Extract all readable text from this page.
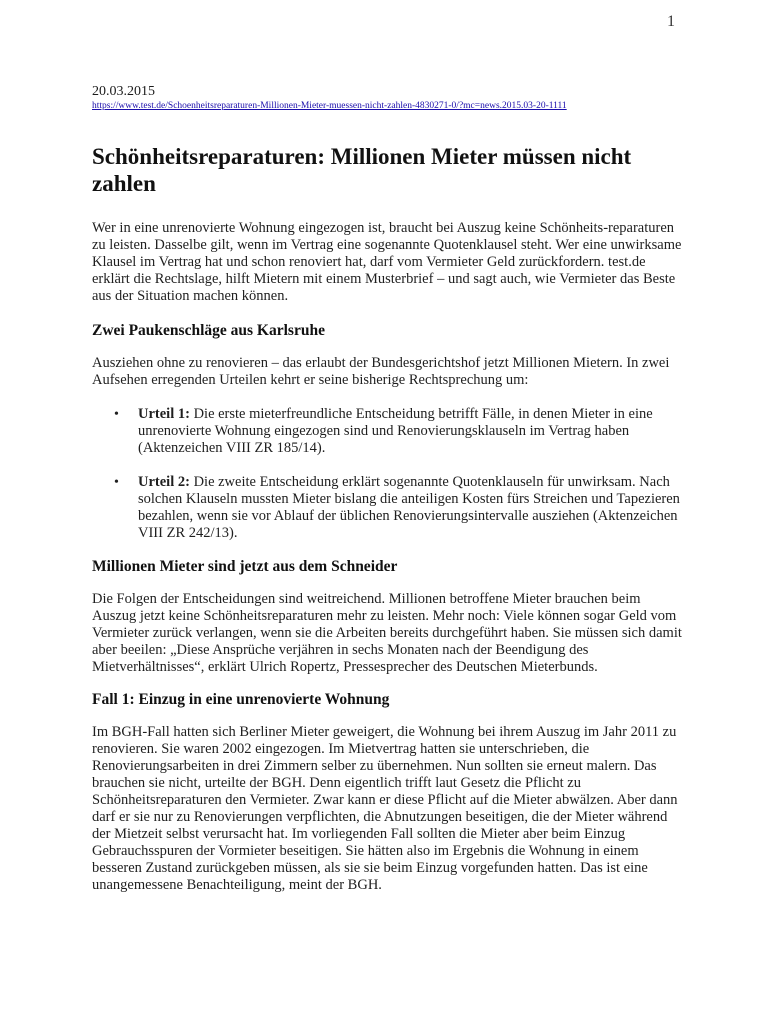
1
20.03.2015
https://www.test.de/Schoenheitsreparaturen-Millionen-Mieter-muessen-nicht-zahlen-4830271-0/?mc=news.2015.03-20-1111
Schönheitsreparaturen: Millionen Mieter müssen nicht zahlen

Wer in eine unrenovierte Wohnung eingezogen ist, braucht bei Auszug keine Schönheits-reparaturen zu leisten. Dasselbe gilt, wenn im Vertrag eine sogenannte Quotenklausel steht. Wer eine unwirksame Klausel im Vertrag hat und schon renoviert hat, darf vom Vermieter Geld zurückfordern. test.de erklärt die Rechtslage, hilft Mietern mit einem Musterbrief – und sagt auch, wie Vermieter das Beste aus der Situation machen können.

Zwei Paukenschläge aus Karlsruhe

Ausziehen ohne zu renovieren – das erlaubt der Bundesgerichtshof jetzt Millionen Mietern. In zwei Aufsehen erregenden Urteilen kehrt er seine bisherige Rechtsprechung um:

• Urteil 1: Die erste mieterfreundliche Entscheidung betrifft Fälle, in denen Mieter in eine unrenovierte Wohnung eingezogen sind und Renovierungsklauseln im Vertrag haben (Aktenzeichen VIII ZR 185/14).
• Urteil 2: Die zweite Entscheidung erklärt sogenannte Quotenklauseln für unwirksam. Nach solchen Klauseln mussten Mieter bislang die anteiligen Kosten fürs Streichen und Tapezieren bezahlen, wenn sie vor Ablauf der üblichen Renovierungsintervalle ausziehen (Aktenzeichen VIII ZR 242/13).
Millionen Mieter sind jetzt aus dem Schneider

Die Folgen der Entscheidungen sind weitreichend. Millionen betroffene Mieter brauchen beim Auszug jetzt keine Schönheitsreparaturen mehr zu leisten. Mehr noch: Viele können sogar Geld vom Vermieter zurück verlangen, wenn sie die Arbeiten bereits durchgeführt haben. Sie müssen sich damit aber beeilen: „Diese Ansprüche verjähren in sechs Monaten nach der Beendigung des Mietverhältnisses“, erklärt Ulrich Ropertz, Pressesprecher des Deutschen Mieterbunds.

Fall 1: Einzug in eine unrenovierte Wohnung

Im BGH-Fall hatten sich Berliner Mieter geweigert, die Wohnung bei ihrem Auszug im Jahr 2011 zu renovieren. Sie waren 2002 eingezogen. Im Mietvertrag hatten sie unterschrieben, die Renovierungsarbeiten in drei Zimmern selber zu übernehmen. Nun sollten sie erneut malern. Das brauchen sie nicht, urteilte der BGH. Denn eigentlich trifft laut Gesetz die Pflicht zu Schönheitsreparaturen den Vermieter. Zwar kann er diese Pflicht auf die Mieter abwälzen. Aber dann darf er sie nur zu Renovierungen verpflichten, die Abnutzungen beseitigen, die der Mieter während der Mietzeit selbst verursacht hat. Im vorliegenden Fall sollten die Mieter aber beim Einzug Gebrauchsspuren der Vormieter beseitigen. Sie hätten also im Ergebnis die Wohnung in einem besseren Zustand zurückgeben müssen, als sie sie beim Einzug vorgefunden hatten. Das ist eine unangemessene Benachteiligung, meint der BGH.
